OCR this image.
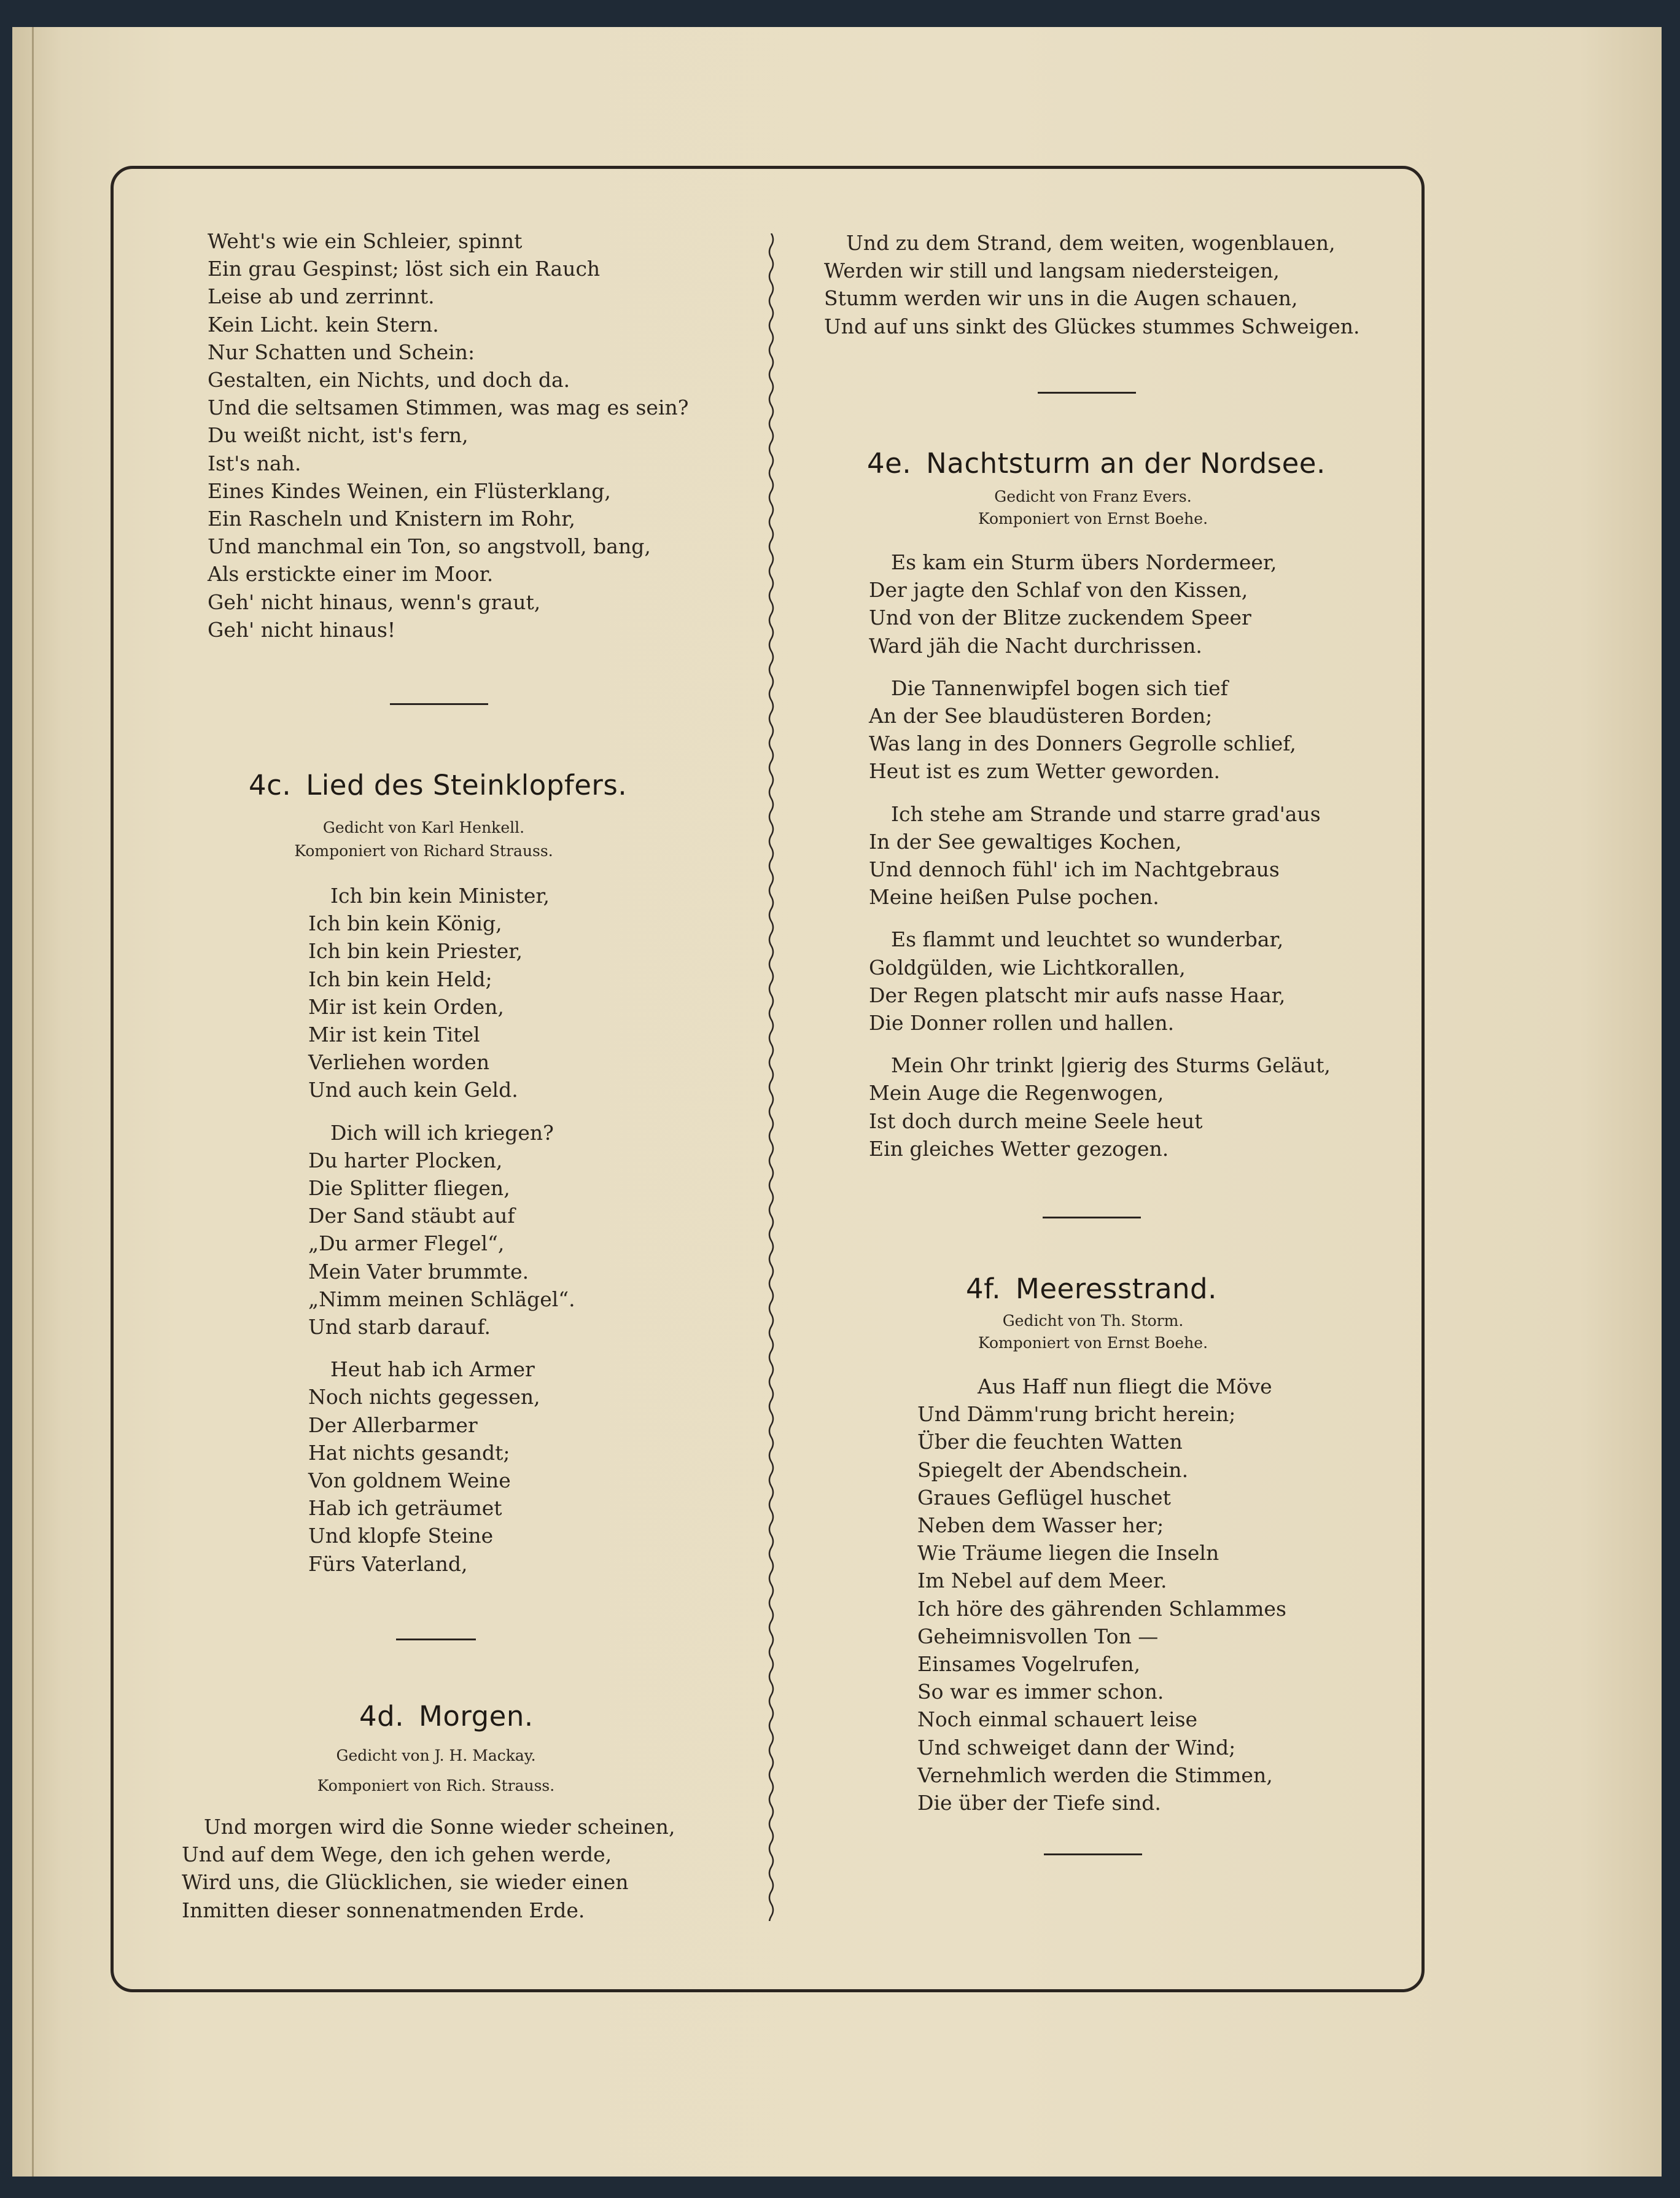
Weht's wie ein Schleier, spinnt

Ein grau Gespinst; löst sich ein Rauch

Leise ab und zerrinnt.

Kein Licht. kein Stern.

Nur Schatten und Schein:

Gestalten, ein Nichts, und doch da.

Und die seltsamen Stimmen, was mag es sein?

Du weißt nicht, ist's fern,

Ist's nah.

Eines Kindes Weinen, ein Flüsterklang,

Ein Rascheln und Knistern im Rohr,

Und manchmal ein Ton, so angstvoll, bang,

Als erstickte einer im Moor.

Geh' nicht hinaus, wenn's graut,

Geh' nicht hinaus!

4c. Lied des Steinklopfers.
Gedicht von Karl Henkell.
Komponiert von Richard Strauss.

Ich bin kein Minister,

Ich bin kein König,

Ich bin kein Priester,

Ich bin kein Held;

Mir ist kein Orden,

Mir ist kein Titel

Verliehen worden

Und auch kein Geld.

Dich will ich kriegen?

Du harter Plocken,

Die Splitter fliegen,

Der Sand stäubt auf

„Du armer Flegel“,

Mein Vater brummte.

„Nimm meinen Schlägel“.

Und starb darauf.

Heut hab ich Armer

Noch nichts gegessen,

Der Allerbarmer

Hat nichts gesandt;

Von goldnem Weine

Hab ich geträumet

Und klopfe Steine

Fürs Vaterland,

4d. Morgen.
Gedicht von J. H. Mackay.
Komponiert von Rich. Strauss.

Und morgen wird die Sonne wieder scheinen,

Und auf dem Wege, den ich gehen werde,

Wird uns, die Glücklichen, sie wieder einen

Inmitten dieser sonnenatmenden Erde.

Und zu dem Strand, dem weiten, wogenblauen,

Werden wir still und langsam niedersteigen,

Stumm werden wir uns in die Augen schauen,

Und auf uns sinkt des Glückes stummes Schweigen.

4e. Nachtsturm an der Nordsee.
Gedicht von Franz Evers.
Komponiert von Ernst Boehe.

Es kam ein Sturm übers Nordermeer,

Der jagte den Schlaf von den Kissen,

Und von der Blitze zuckendem Speer

Ward jäh die Nacht durchrissen.

Die Tannenwipfel bogen sich tief

An der See blaudüsteren Borden;

Was lang in des Donners Gegrolle schlief,

Heut ist es zum Wetter geworden.

Ich stehe am Strande und starre grad'aus

In der See gewaltiges Kochen,

Und dennoch fühl' ich im Nachtgebraus

Meine heißen Pulse pochen.

Es flammt und leuchtet so wunderbar,

Goldgülden, wie Lichtkorallen,

Der Regen platscht mir aufs nasse Haar,

Die Donner rollen und hallen.

Mein Ohr trinkt |gierig des Sturms Geläut,

Mein Auge die Regenwogen,

Ist doch durch meine Seele heut

Ein gleiches Wetter gezogen.

4f. Meeresstrand.
Gedicht von Th. Storm.
Komponiert von Ernst Boehe.

Aus Haff nun fliegt die Möve

Und Dämm'rung bricht herein;

Über die feuchten Watten

Spiegelt der Abendschein.

Graues Geflügel huschet

Neben dem Wasser her;

Wie Träume liegen die Inseln

Im Nebel auf dem Meer.

Ich höre des gährenden Schlammes

Geheimnisvollen Ton —

Einsames Vogelrufen,

So war es immer schon.

Noch einmal schauert leise

Und schweiget dann der Wind;

Vernehmlich werden die Stimmen,

Die über der Tiefe sind.
